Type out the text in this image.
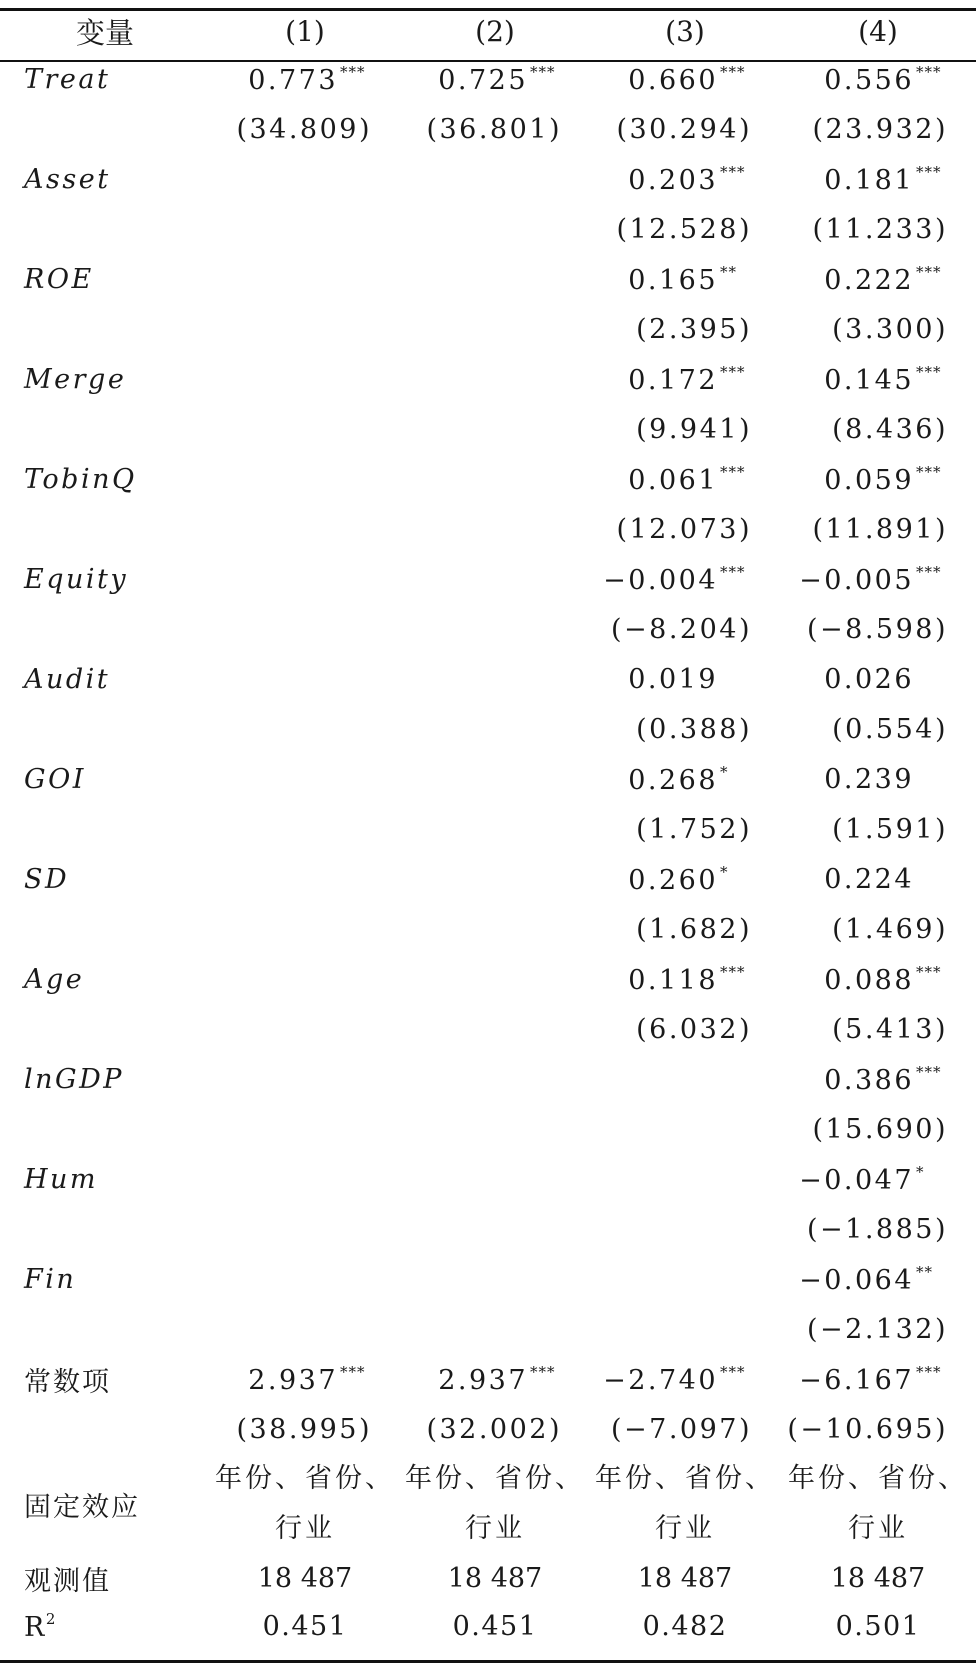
变量	(1)	(2)	(3)	(4)
Treat	0.773 ***	0.725 ***	0.660 ***	0.556 ***
	(34.809)	(36.801)	(30.294)	(23.932)
Asset			0.203 ***	0.181 ***
			(12.528)	(11.233)
ROE			0.165 **	0.222 ***
			(2.395)	(3.300)
Merge			0.172 ***	0.145 ***
			(9.941)	(8.436)
TobinQ			0.061 ***	0.059 ***
			(12.073)	(11.891)
Equity			−0.004 ***	−0.005 ***
			(−8.204)	(−8.598)
Audit			0.019	0.026
			(0.388)	(0.554)
GOI			0.268 *	0.239
			(1.752)	(1.591)
SD			0.260 *	0.224
			(1.682)	(1.469)
Age			0.118 ***	0.088 ***
			(6.032)	(5.413)
lnGDP				0.386 ***
				(15.690)
Hum				−0.047 *
				(−1.885)
Fin				−0.064 **
				(−2.132)
常数项	2.937 ***	2.937 ***	−2.740 ***	−6.167 ***
	(38.995)	(32.002)	(−7.097)	(−10.695)
固定效应	年份、省份、行业	年份、省份、行业	年份、省份、行业	年份、省份、行业
观测值	18 487	18 487	18 487	18 487
$R^2$	0.451	0.451	0.482	0.501
